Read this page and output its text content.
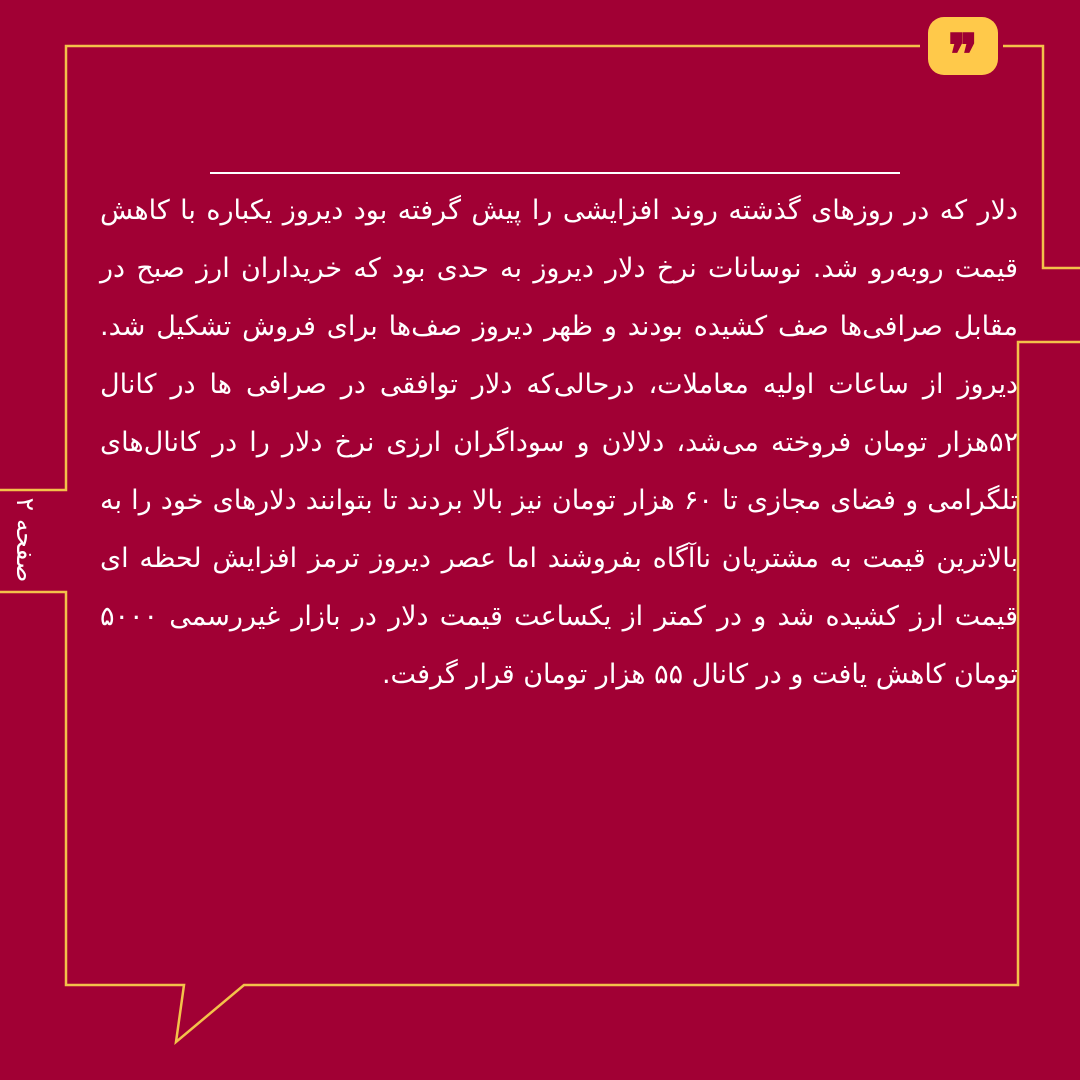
❞

دلار که در روزهای گذشته روند افزایشی را پیش گرفته بود دیروز یکباره با کاهش قیمت روبه‌رو شد. نوسانات نرخ دلار دیروز به حدی بود که خریداران ارز صبح در مقابل صرافی‌ها صف کشیده بودند و ظهر دیروز صف‌ها برای فروش تشکیل شد. دیروز از ساعات اولیه معاملات، درحالی‌که دلار توافقی در صرافی ها در کانال ۵۲هزار تومان فروخته می‌شد، دلالان و سوداگران ارزی نرخ دلار را در کانال‌های تلگرامی و فضای مجازی تا ۶۰ هزار تومان نیز بالا بردند تا بتوانند دلارهای خود را به بالاترین قیمت به مشتریان ناآگاه بفروشند اما عصر دیروز ترمز افزایش لحظه ای قیمت ارز کشیده شد و در کمتر از یکساعت قیمت دلار در بازار غیررسمی ۵۰۰۰ تومان کاهش یافت و در کانال ۵۵ هزار تومان قرار گرفت.

صفحه ۲
